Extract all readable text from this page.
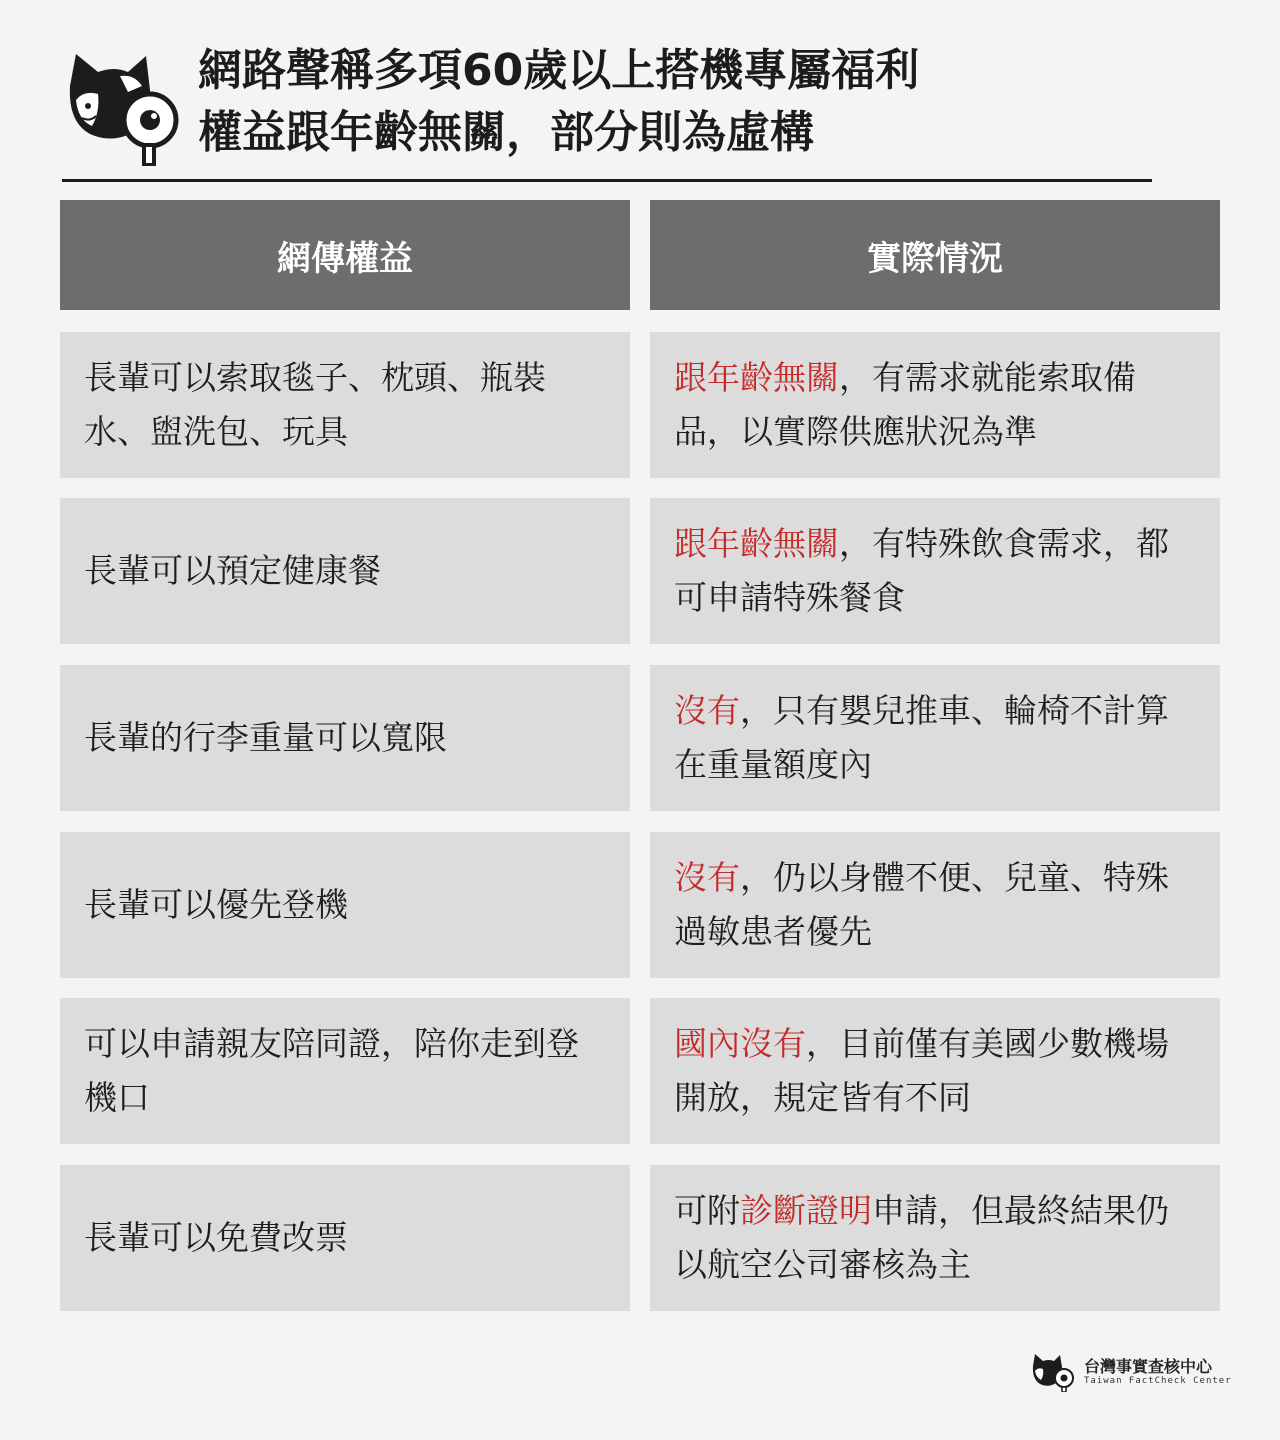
網路聲稱多項60歲以上搭機專屬福利
權益跟年齡無關，部分則為虛構
網傳權益	實際情況
長輩可以索取毯子、枕頭、瓶裝水、盥洗包、玩具
跟年齡無關，有需求就能索取備品，以實際供應狀況為準
長輩可以預定健康餐
跟年齡無關，有特殊飲食需求，都可申請特殊餐食
長輩的行李重量可以寬限
沒有，只有嬰兒推車、輪椅不計算在重量額度內
長輩可以優先登機
沒有，仍以身體不便、兒童、特殊過敏患者優先
可以申請親友陪同證，陪你走到登機口
國內沒有，目前僅有美國少數機場開放，規定皆有不同
長輩可以免費改票
可附診斷證明申請，但最終結果仍以航空公司審核為主
台灣事實查核中心
Taiwan FactCheck Center
